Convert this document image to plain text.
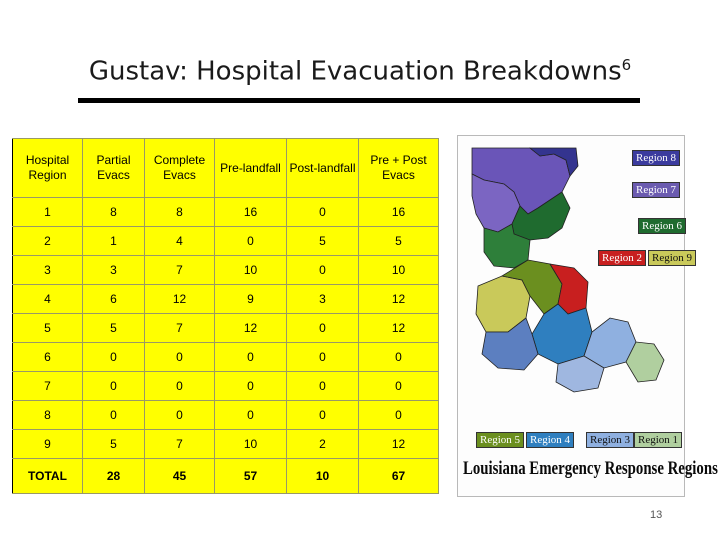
Gustav: Hospital Evacuation Breakdowns$^6$
Hospital Region	Partial Evacs	Complete Evacs	Pre-landfall	Post-landfall	Pre + Post Evacs
1	8	8	16	0	16
2	1	4	0	5	5
3	3	7	10	0	10
4	6	12	9	3	12
5	5	7	12	0	12
6	0	0	0	0	0
7	0	0	0	0	0
8	0	0	0	0	0
9	5	7	10	2	12
TOTAL	28	45	57	10	67
Region 8
Region 7
Region 6
Region 2 Region 9
Region 5 Region 4	Region 3 Region 1
Louisiana Emergency Response Regions
13
